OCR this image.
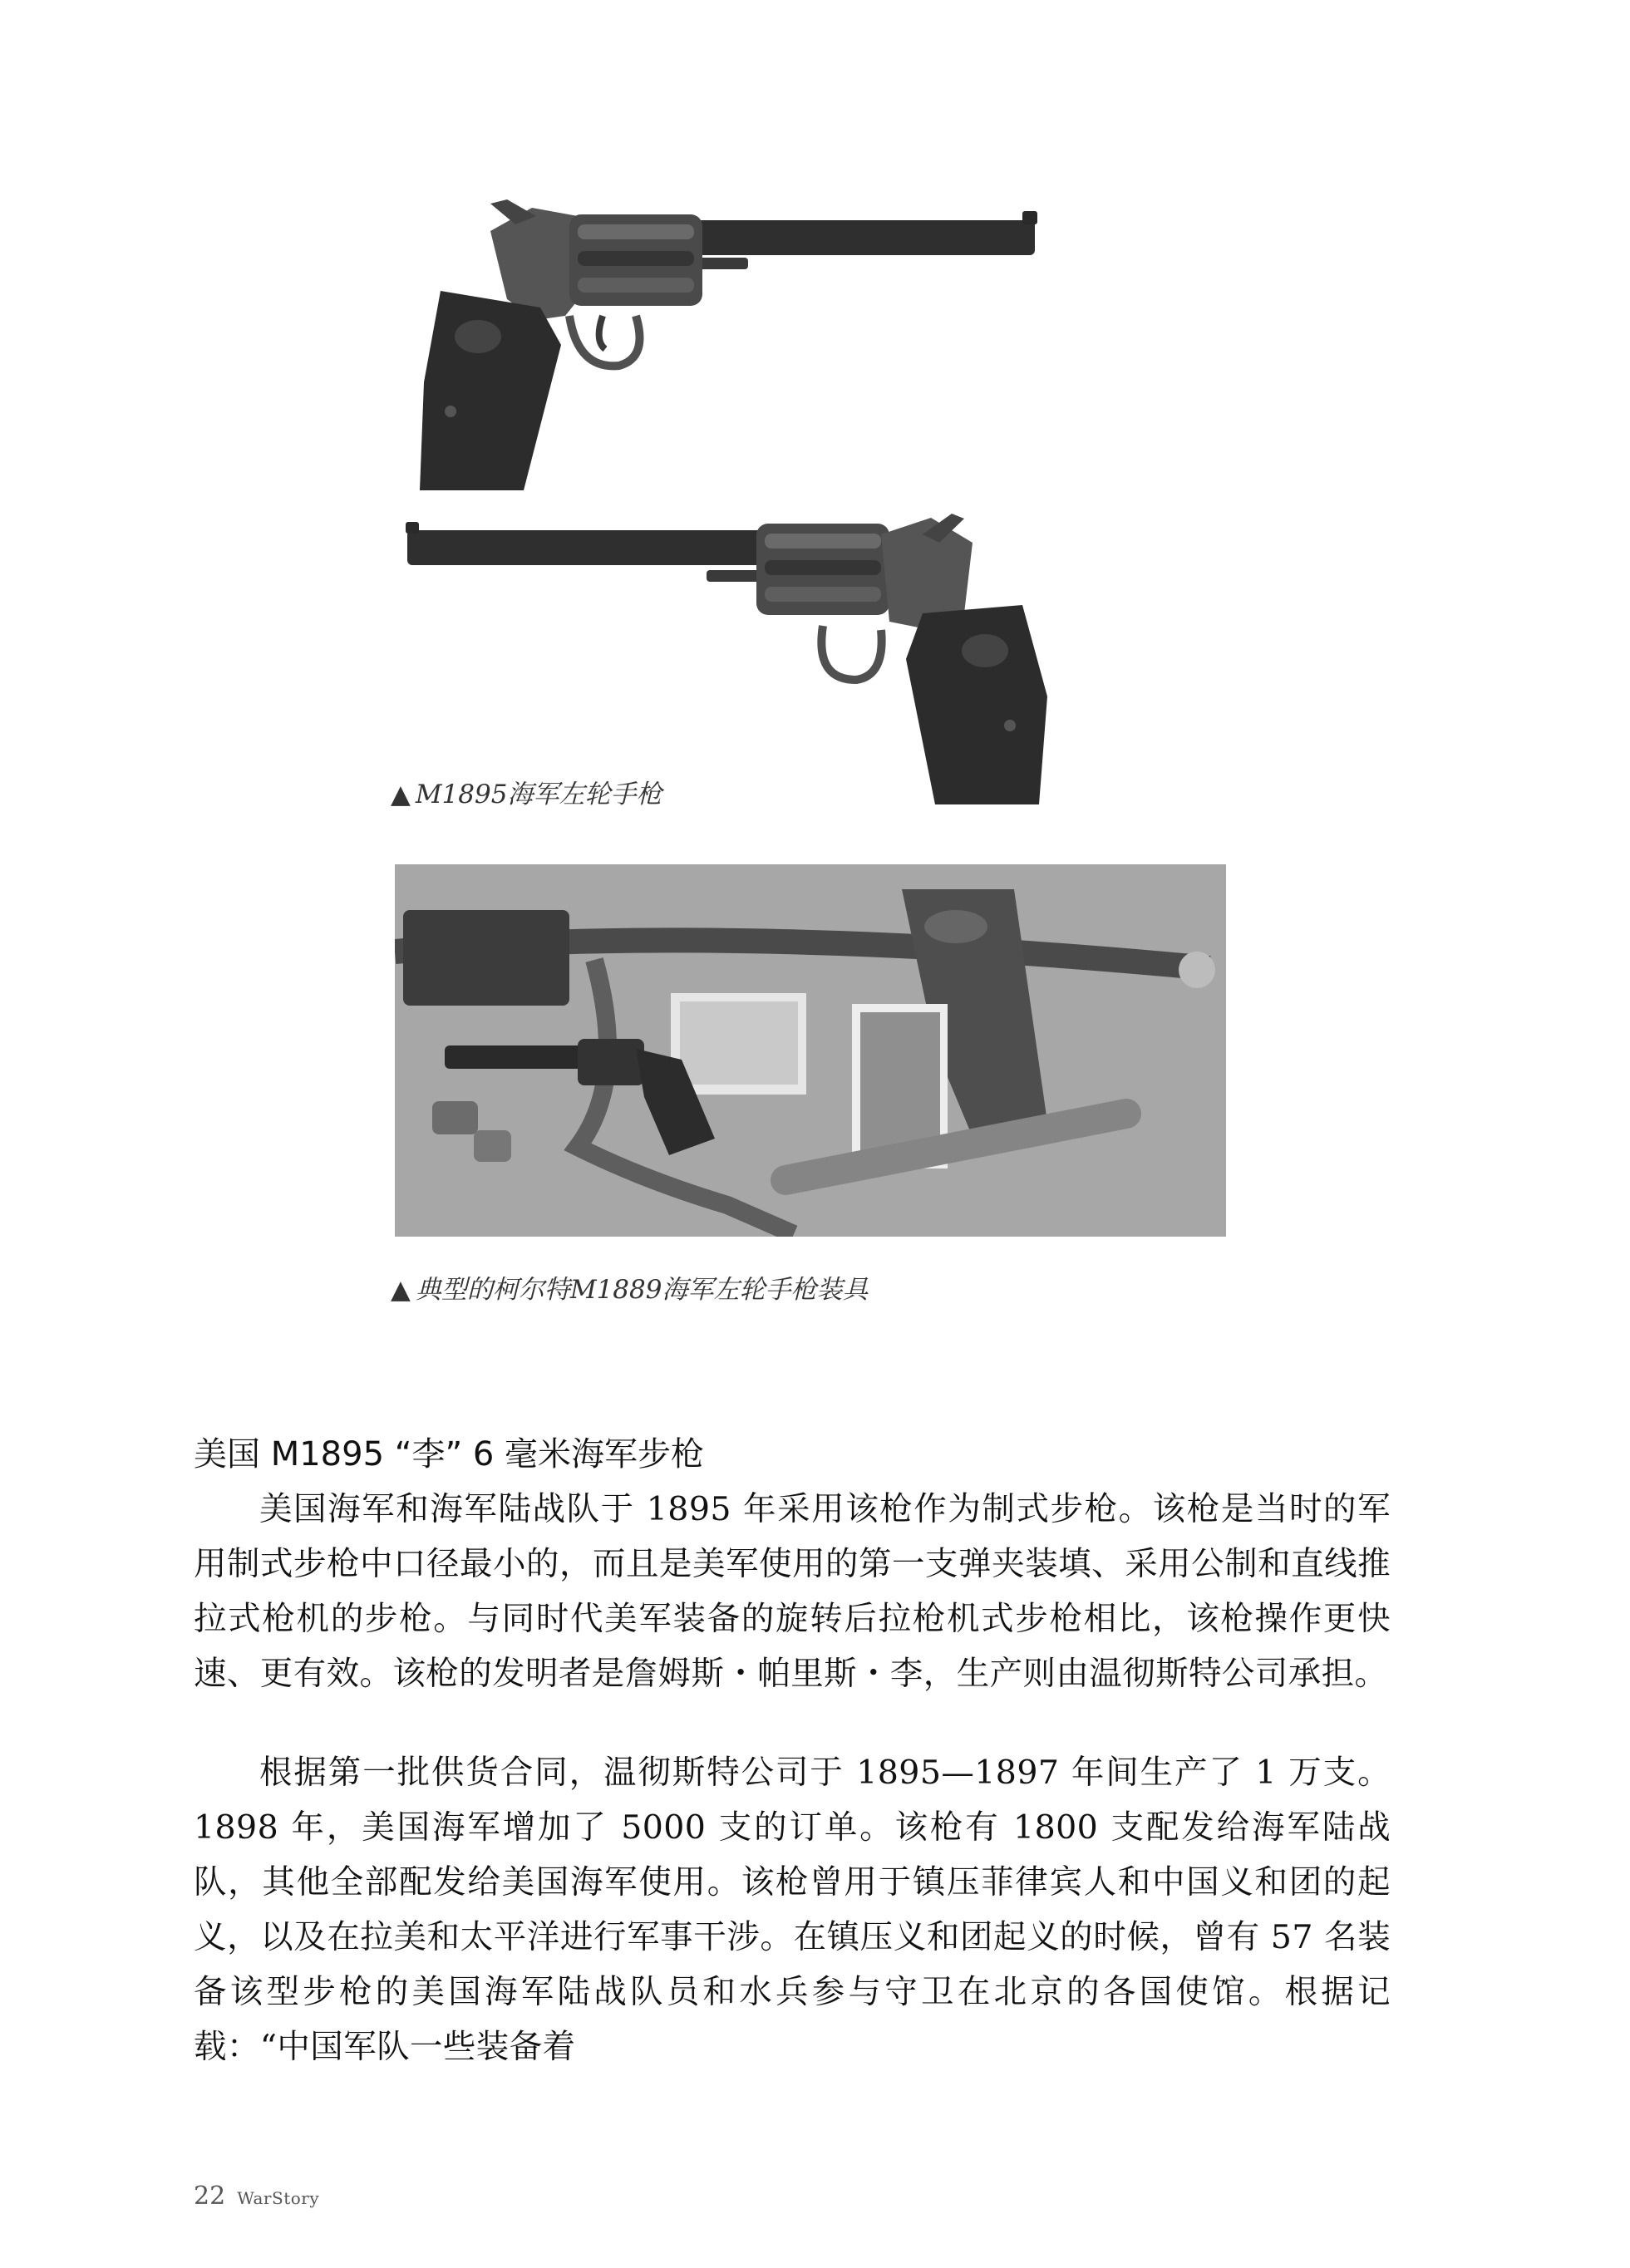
▲ M1895海军左轮手枪
▲ 典型的柯尔特M1889海军左轮手枪装具
美国 M1895 “李” 6 毫米海军步枪

美国海军和海军陆战队于 1895 年采用该枪作为制式步枪。该枪是当时的军用制式步枪中口径最小的，而且是美军使用的第一支弹夹装填、采用公制和直线推拉式枪机的步枪。与同时代美军装备的旋转后拉枪机式步枪相比，该枪操作更快速、更有效。该枪的发明者是詹姆斯・帕里斯・李，生产则由温彻斯特公司承担。

根据第一批供货合同，温彻斯特公司于 1895—1897 年间生产了 1 万支。1898 年，美国海军增加了 5000 支的订单。该枪有 1800 支配发给海军陆战队，其他全部配发给美国海军使用。该枪曾用于镇压菲律宾人和中国义和团的起义，以及在拉美和太平洋进行军事干涉。在镇压义和团起义的时候，曾有 57 名装备该型步枪的美国海军陆战队员和水兵参与守卫在北京的各国使馆。根据记载：“中国军队一些装备着

22 WarStory
